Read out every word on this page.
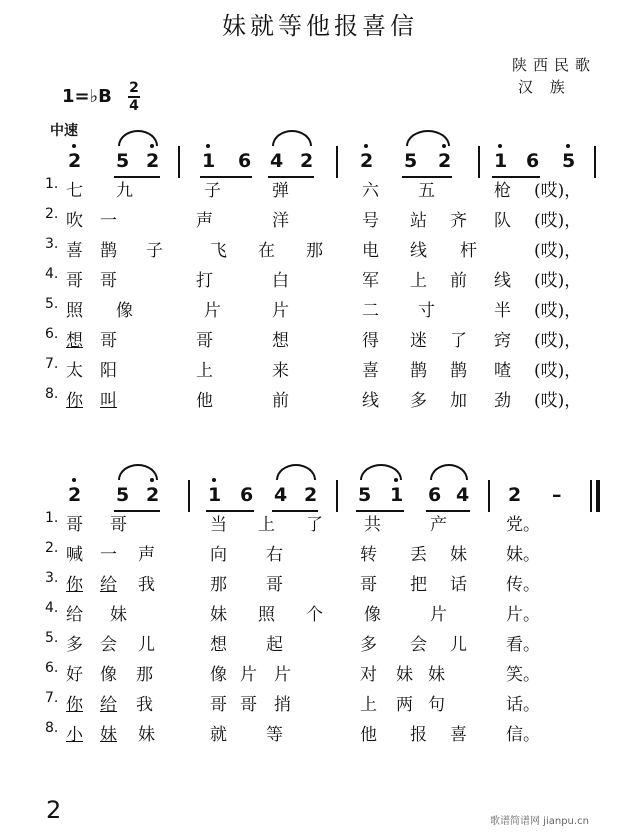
妹就等他报喜信
陕西民歌
汉 族
1=♭B 2
4
中速
2 5 2 1 6 4 2 2 5 2 1 6 5
1. 七 九	子	弹	六 五	枪 (哎)，
2. 吹 一	声	洋	号 站 齐 队 (哎)，
3. 喜 鹊 子	飞 在 那 电 线 杆	(哎)，
4. 哥 哥	打	白	军 上 前 线 (哎)，
5. 照 像	片	片	二 寸	半 (哎)，
6. 想 哥	哥	想	得 迷 了 窍 (哎)，
7. 太 阳	上	来	喜 鹊 鹊 喳 (哎)，
8. 你 叫	他	前	线 多 加 劲 (哎)，
2 5 2	1 6 4 2 5 1 6 4 2 –
1. 哥 哥	当 上 了 共	产	党。
2. 喊 一 声	向 右	转 丢 妹 妹。
3. 你 给 我	那 哥	哥 把 话 传。
4. 给 妹	妹 照 个 像	片	片。
5. 多 会 儿	想 起	多 会 儿 看。
6. 好 像 那	像 片 片	对 妹 妹	笑。
7. 你 给 我	哥 哥 捎	上 两 句	话。
8. 小 妹 妹	就 等	他 报 喜 信。
2	歌谱简谱网 jianpu.cn
